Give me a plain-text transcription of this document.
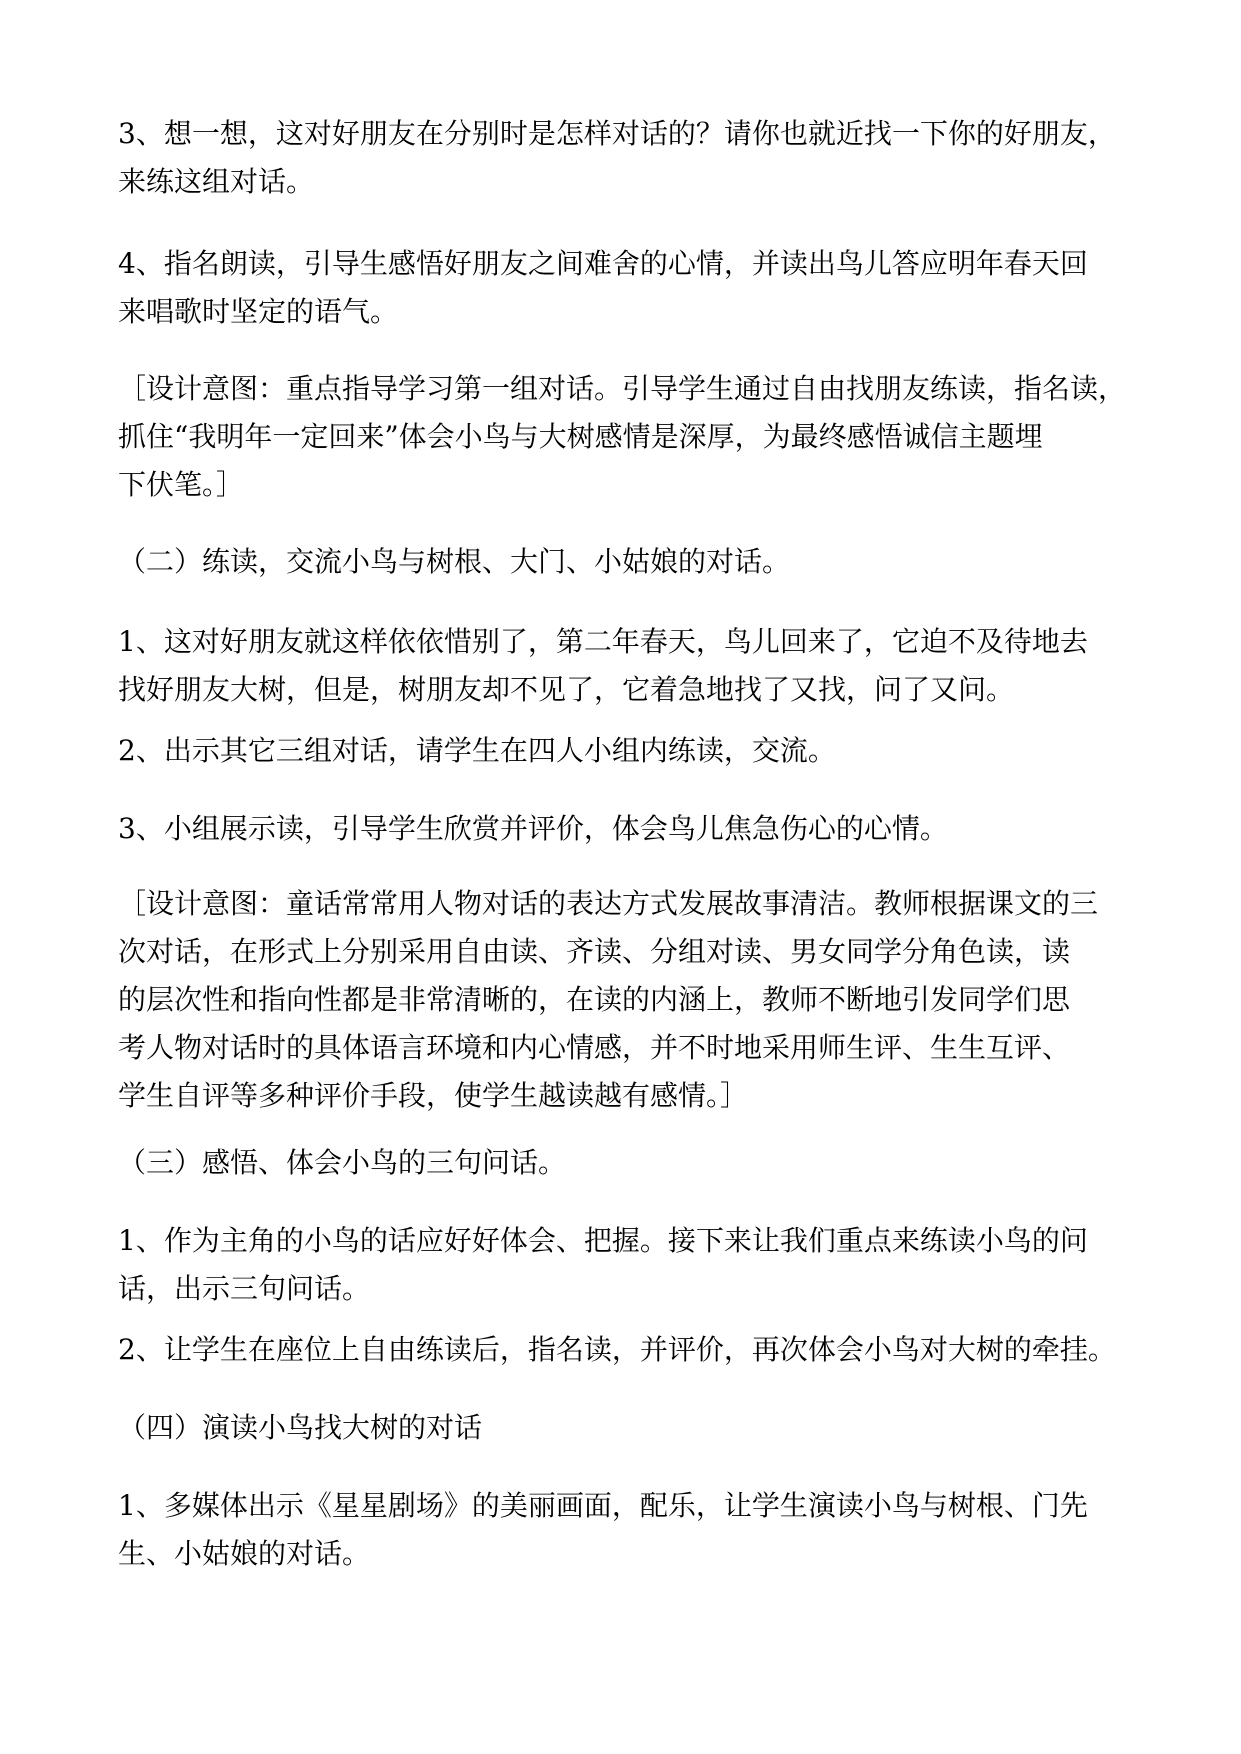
3、想一想，这对好朋友在分别时是怎样对话的？请你也就近找一下你的好朋友，
来练这组对话。

4、指名朗读，引导生感悟好朋友之间难舍的心情，并读出鸟儿答应明年春天回
来唱歌时坚定的语气。

［设计意图：重点指导学习第一组对话。引导学生通过自由找朋友练读，指名读，
抓住“我明年一定回来”体会小鸟与大树感情是深厚，为最终感悟诚信主题埋
下伏笔。］

（二）练读，交流小鸟与树根、大门、小姑娘的对话。

1、这对好朋友就这样依依惜别了，第二年春天，鸟儿回来了，它迫不及待地去
找好朋友大树，但是，树朋友却不见了，它着急地找了又找，问了又问。

2、出示其它三组对话，请学生在四人小组内练读，交流。

3、小组展示读，引导学生欣赏并评价，体会鸟儿焦急伤心的心情。

［设计意图：童话常常用人物对话的表达方式发展故事清洁。教师根据课文的三
次对话，在形式上分别采用自由读、齐读、分组对读、男女同学分角色读，读
的层次性和指向性都是非常清晰的，在读的内涵上，教师不断地引发同学们思
考人物对话时的具体语言环境和内心情感，并不时地采用师生评、生生互评、
学生自评等多种评价手段，使学生越读越有感情。］

（三）感悟、体会小鸟的三句问话。

1、作为主角的小鸟的话应好好体会、把握。接下来让我们重点来练读小鸟的问
话，出示三句问话。

2、让学生在座位上自由练读后，指名读，并评价，再次体会小鸟对大树的牵挂。

（四）演读小鸟找大树的对话

1、多媒体出示《星星剧场》的美丽画面，配乐，让学生演读小鸟与树根、门先
生、小姑娘的对话。
